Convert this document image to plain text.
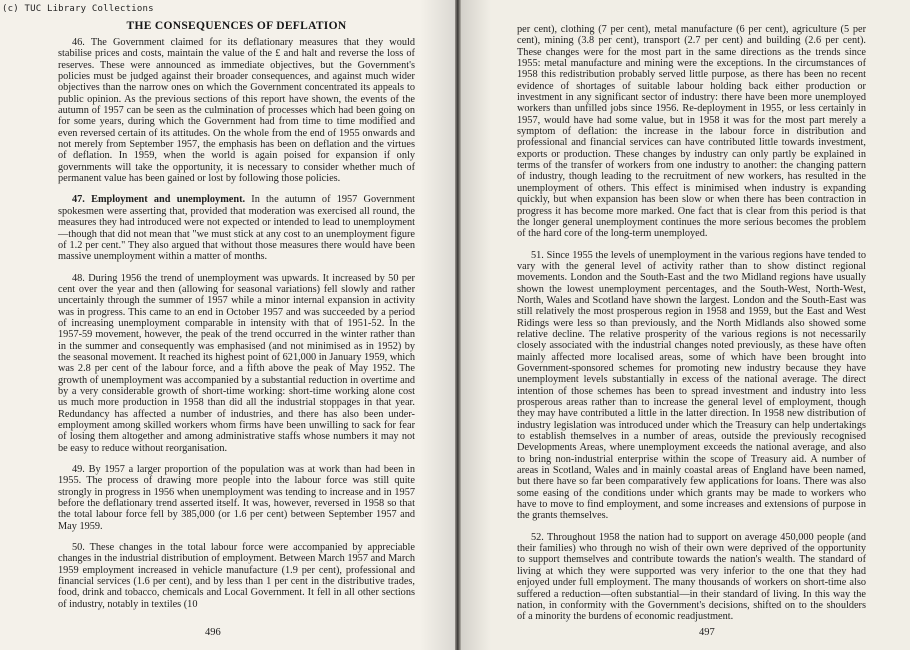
(c) TUC Library Collections
THE CONSEQUENCES OF DEFLATION

46. The Government claimed for its deflationary measures that they would stabilise prices and costs, maintain the value of the £ and halt and reverse the loss of reserves. These were announced as immediate objectives, but the Government's policies must be judged against their broader consequences, and against much wider objectives than the narrow ones on which the Government concentrated its appeals to public opinion. As the previous sections of this report have shown, the events of the autumn of 1957 can be seen as the culmination of processes which had been going on for some years, during which the Government had from time to time modified and even reversed certain of its attitudes. On the whole from the end of 1955 onwards and not merely from September 1957, the emphasis has been on deflation and the virtues of deflation. In 1959, when the world is again poised for expansion if only governments will take the opportunity, it is necessary to consider whether much of permanent value has been gained or lost by following those policies.

47. Employment and unemployment. In the autumn of 1957 Government spokesmen were asserting that, provided that moderation was exercised all round, the measures they had introduced were not expected or intended to lead to unemployment—though that did not mean that "we must stick at any cost to an unemployment figure of 1.2 per cent." They also argued that without those measures there would have been massive unemployment within a matter of months.

48. During 1956 the trend of unemployment was upwards. It increased by 50 per cent over the year and then (allowing for seasonal variations) fell slowly and rather uncertainly through the summer of 1957 while a minor internal expansion in activity was in progress. This came to an end in October 1957 and was succeeded by a period of increasing unemployment comparable in intensity with that of 1951-52. In the 1957-59 movement, however, the peak of the trend occurred in the winter rather than in the summer and consequently was emphasised (and not minimised as in 1952) by the seasonal movement. It reached its highest point of 621,000 in January 1959, which was 2.8 per cent of the labour force, and a fifth above the peak of May 1952. The growth of unemployment was accompanied by a substantial reduction in overtime and by a very considerable growth of short-time working: short-time working alone cost us much more production in 1958 than did all the industrial stoppages in that year. Redundancy has affected a number of industries, and there has also been under-employment among skilled workers whom firms have been unwilling to sack for fear of losing them altogether and among administrative staffs whose numbers it may not be easy to reduce without reorganisation.

49. By 1957 a larger proportion of the population was at work than had been in 1955. The process of drawing more people into the labour force was still quite strongly in progress in 1956 when unemployment was tending to increase and in 1957 before the deflationary trend asserted itself. It was, however, reversed in 1958 so that the total labour force fell by 385,000 (or 1.6 per cent) between September 1957 and May 1959.

50. These changes in the total labour force were accompanied by appreciable changes in the industrial distribution of employment. Between March 1957 and March 1959 employment increased in vehicle manufacture (1.9 per cent), professional and financial services (1.6 per cent), and by less than 1 per cent in the distributive trades, food, drink and tobacco, chemicals and Local Government. It fell in all other sections of industry, notably in textiles (10

496

per cent), clothing (7 per cent), metal manufacture (6 per cent), agriculture (5 per cent), mining (3.8 per cent), transport (2.7 per cent) and building (2.6 per cent). These changes were for the most part in the same directions as the trends since 1955: metal manufacture and mining were the exceptions. In the circumstances of 1958 this redistribution probably served little purpose, as there has been no recent evidence of shortages of suitable labour holding back either production or investment in any significant sector of industry: there have been more unemployed workers than unfilled jobs since 1956. Re-deployment in 1955, or less certainly in 1957, would have had some value, but in 1958 it was for the most part merely a symptom of deflation: the increase in the labour force in distribution and professional and financial services can have contributed little towards investment, exports or production. These changes by industry can only partly be explained in terms of the transfer of workers from one industry to another: the changing pattern of industry, though leading to the recruitment of new workers, has resulted in the unemployment of others. This effect is minimised when industry is expanding quickly, but when expansion has been slow or when there has been contraction in progress it has become more marked. One fact that is clear from this period is that the longer general unemployment continues the more serious becomes the problem of the hard core of the long-term unemployed.

51. Since 1955 the levels of unemployment in the various regions have tended to vary with the general level of activity rather than to show distinct regional movements. London and the South-East and the two Midland regions have usually shown the lowest unemployment percentages, and the South-West, North-West, North, Wales and Scotland have shown the largest. London and the South-East was still relatively the most prosperous region in 1958 and 1959, but the East and West Ridings were less so than previously, and the North Midlands also showed some relative decline. The relative prosperity of the various regions is not necessarily closely associated with the industrial changes noted previously, as these have often mainly affected more localised areas, some of which have been brought into Government-sponsored schemes for promoting new industry because they have unemployment levels substantially in excess of the national average. The direct intention of those schemes has been to spread investment and industry into less prosperous areas rather than to increase the general level of employment, though they may have contributed a little in the latter direction. In 1958 new distribution of industry legislation was introduced under which the Treasury can help undertakings to establish themselves in a number of areas, outside the previously recognised Developments Areas, where unemployment exceeds the national average, and also to bring non-industrial enterprise within the scope of Treasury aid. A number of areas in Scotland, Wales and in mainly coastal areas of England have been named, but there have so far been comparatively few applications for loans. There was also some easing of the conditions under which grants may be made to workers who have to move to find employment, and some increases and extensions of purpose in the grants themselves.

52. Throughout 1958 the nation had to support on average 450,000 people (and their families) who through no wish of their own were deprived of the opportunity to support themselves and contribute towards the nation's wealth. The standard of living at which they were supported was very inferior to the one that they had enjoyed under full employment. The many thousands of workers on short-time also suffered a reduction—often substantial—in their standard of living. In this way the nation, in conformity with the Government's decisions, shifted on to the shoulders of a minority the burdens of economic readjustment.

497
